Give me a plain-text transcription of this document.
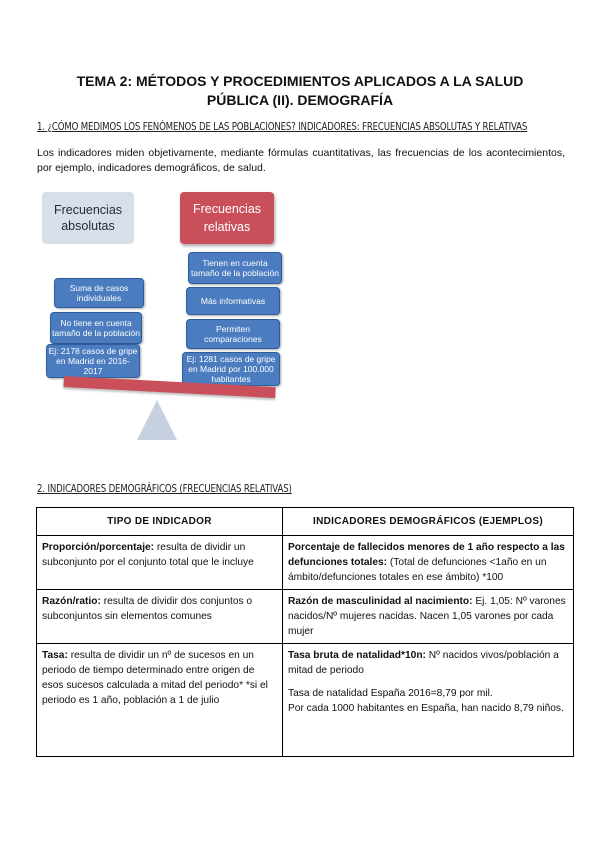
TEMA 2: MÉTODOS Y PROCEDIMIENTOS APLICADOS A LA SALUD
PÚBLICA (II). DEMOGRAFÍA
1. ¿CÓMO MEDIMOS LOS FENÓMENOS DE LAS POBLACIONES? INDICADORES: FRECUENCIAS ABSOLUTAS Y RELATIVAS
Los indicadores miden objetivamente, mediante fórmulas cuantitativas, las frecuencias de los acontecimientos, por ejemplo, indicadores demográficos, de salud.
Frecuencias absolutas
Frecuencias relativas
Suma de casos individuales
No tiene en cuenta tamaño de la población
Ej: 2178 casos de gripe en Madrid en 2016-2017
Tienen en cuenta tamaño de la población
Más informativas
Permiten comparaciones
Ej: 1281 casos de gripe en Madrid por 100.000 habitantes
2. INDICADORES DEMOGRÁFICOS (FRECUENCIAS RELATIVAS)
TIPO DE INDICADOR	INDICADORES DEMOGRÁFICOS (EJEMPLOS)
Proporción/porcentaje: resulta de dividir un subconjunto por el conjunto total que le incluye	Porcentaje de fallecidos menores de 1 año respecto a las defunciones totales: (Total de defunciones <1año en un ámbito/defunciones totales en ese ámbito) *100
Razón/ratio: resulta de dividir dos conjuntos o subconjuntos sin elementos comunes	Razón de masculinidad al nacimiento: Ej. 1,05: Nº varones nacidos/Nº mujeres nacidas. Nacen 1,05 varones por cada mujer
Tasa: resulta de dividir un nº de sucesos en un periodo de tiempo determinado entre origen de esos sucesos calculada a mitad del periodo* *si el periodo es 1 año, población a 1 de julio	Tasa bruta de natalidad*10n: Nº nacidos vivos/población a mitad de periodo
Tasa de natalidad España 2016=8,79 por mil.
Por cada 1000 habitantes en España, han nacido 8,79 niños.
